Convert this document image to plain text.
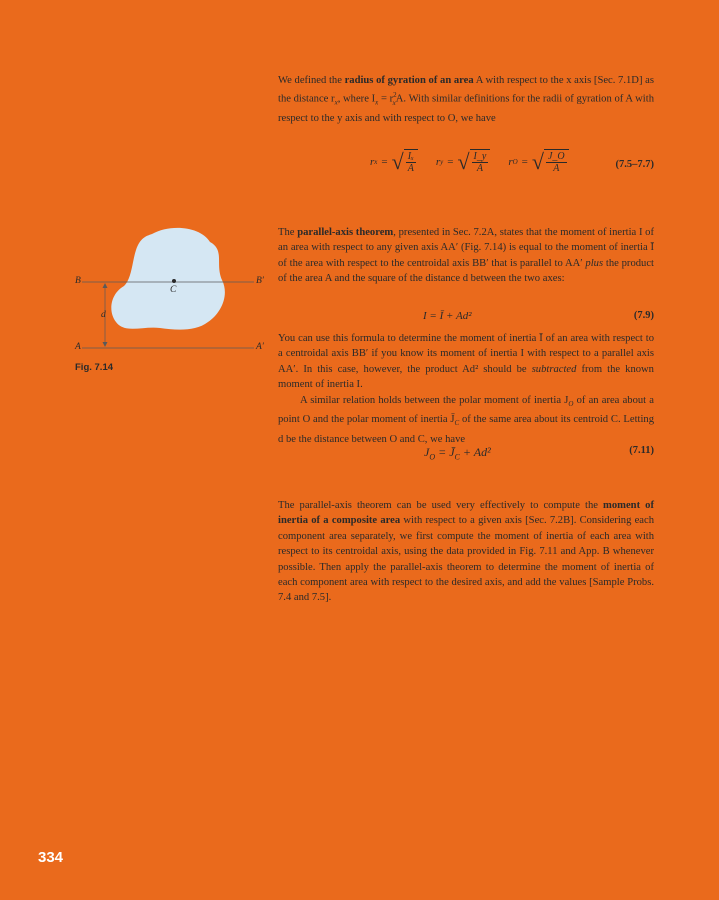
We defined the radius of gyration of an area A with respect to the x axis [Sec. 7.1D] as the distance $r_x$, where $I_x = r^2_xA$. With similar definitions for the radii of gyration of A with respect to the y axis and with respect to O, we have
r x = √ $\frac{\text{Iₓ}}{A}$ r y = √ $\frac{I\_y}{A}$ r O = √ $\frac{J\_O}{A}$	(7.5–7.7)
The parallel-axis theorem, presented in Sec. 7.2A, states that the moment of inertia I of an area with respect to any given axis AA′ (Fig. 7.14) is equal to the moment of inertia Ī of the area with respect to the centroidal axis BB′ that is parallel to AA′ plus the product of the area A and the square of the distance d between the two axes:
I = Ī + Ad²	(7.9)
You can use this formula to determine the moment of inertia Ī of an area with respect to a centroidal axis BB′ if you know its moment of inertia I with respect to a parallel axis AA′. In this case, however, the product Ad² should be subtracted from the known moment of inertia I.
A similar relation holds between the polar moment of inertia $J_O$ of an area about a point O and the polar moment of inertia $J̄_C$ of the same area about its centroid C. Letting d be the distance between O and C, we have
$J_O$ = $J̄_C + Ad^2$	(7.11)
The parallel-axis theorem can be used very effectively to compute the moment of inertia of a composite area with respect to a given axis [Sec. 7.2B]. Considering each component area separately, we first compute the moment of inertia of each area with respect to its centroidal axis, using the data provided in Fig. 7.11 and App. B whenever possible. Then apply the parallel-axis theorem to determine the moment of inertia of each component area with respect to the desired axis, and add the values [Sample Probs. 7.4 and 7.5].
B	B′
A	A′
C
d
Fig. 7.14
334
